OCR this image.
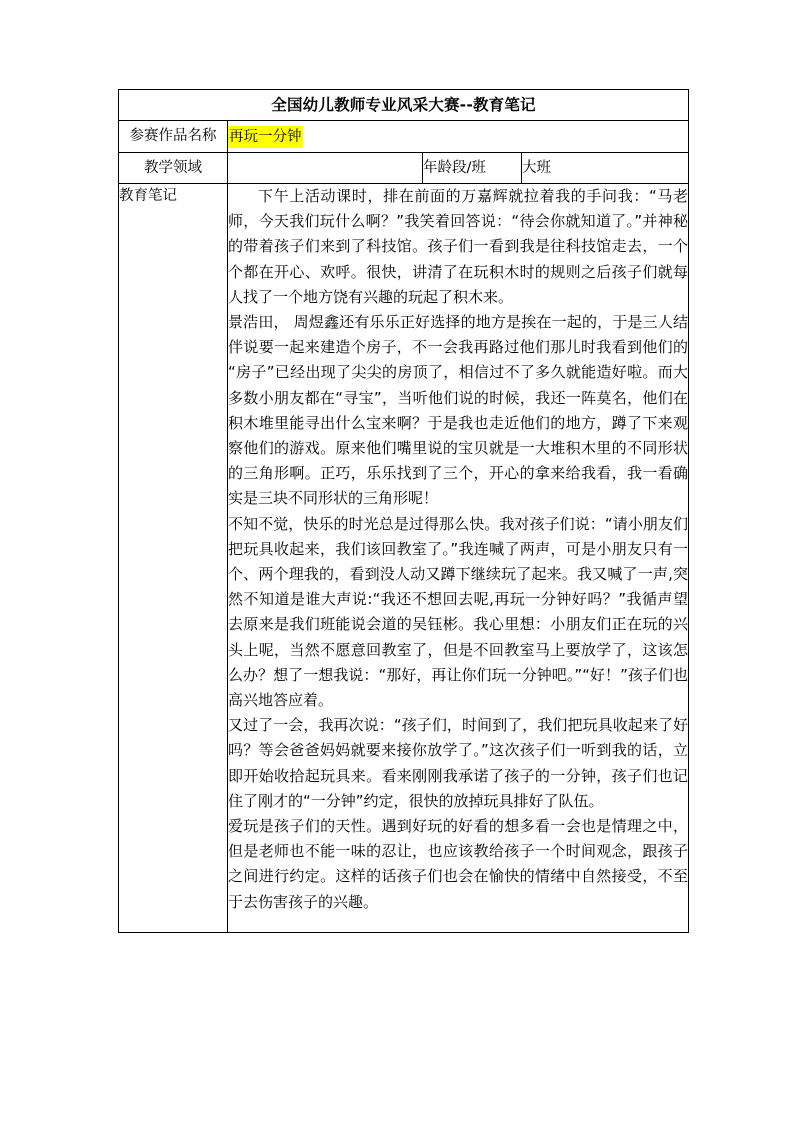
全国幼儿教师专业风采大赛--教育笔记			

参赛作品名称	再玩一分钟		
教学领域		年龄段/班	大班
教育笔记	下午上活动课时，排在前面的万嘉辉就拉着我的手问我：“马老师，今天我们玩什么啊？”我笑着回答说：“待会你就知道了。”并神秘的带着孩子们来到了科技馆。孩子们一看到我是往科技馆走去，一个个都在开心、欢呼。很快，讲清了在玩积木时的规则之后孩子们就每人找了一个地方饶有兴趣的玩起了积木来。

景浩田， 周煜鑫还有乐乐正好选择的地方是挨在一起的，于是三人结伴说要一起来建造个房子，不一会我再路过他们那儿时我看到他们的“房子”已经出现了尖尖的房顶了，相信过不了多久就能造好啦。而大多数小朋友都在“寻宝”，当听他们说的时候，我还一阵莫名，他们在积木堆里能寻出什么宝来啊？于是我也走近他们的地方，蹲了下来观察他们的游戏。原来他们嘴里说的宝贝就是一大堆积木里的不同形状的三角形啊。正巧，乐乐找到了三个，开心的拿来给我看，我一看确实是三块不同形状的三角形呢！

不知不觉，快乐的时光总是过得那么快。我对孩子们说：“请小朋友们把玩具收起来，我们该回教室了。”我连喊了两声，可是小朋友只有一个、两个理我的，看到没人动又蹲下继续玩了起来。我又喊了一声,突然不知道是谁大声说:“我还不想回去呢,再玩一分钟好吗？”我循声望去原来是我们班能说会道的吴钰彬。我心里想：小朋友们正在玩的兴头上呢，当然不愿意回教室了，但是不回教室马上要放学了，这该怎么办？想了一想我说：“那好，再让你们玩一分钟吧。”“好！”孩子们也高兴地答应着。

又过了一会，我再次说：“孩子们，时间到了，我们把玩具收起来了好吗？等会爸爸妈妈就要来接你放学了。”这次孩子们一听到我的话，立即开始收拾起玩具来。看来刚刚我承诺了孩子的一分钟，孩子们也记住了刚才的“一分钟”约定，很快的放掉玩具排好了队伍。

爱玩是孩子们的天性。遇到好玩的好看的想多看一会也是情理之中，但是老师也不能一味的忍让，也应该教给孩子一个时间观念，跟孩子之间进行约定。这样的话孩子们也会在愉快的情绪中自然接受，不至于去伤害孩子的兴趣。		
